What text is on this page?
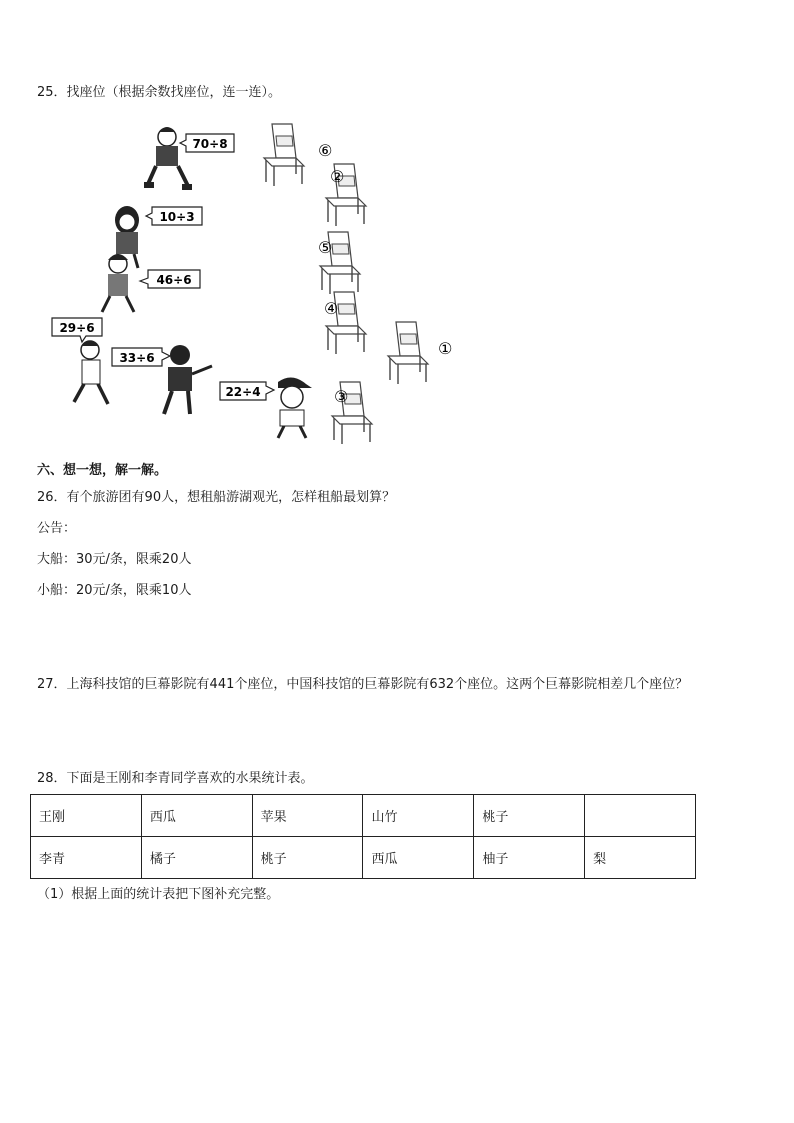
25．找座位（根据余数找座位，连一连）。
70÷8
10÷3
46÷6
29÷6
33÷6
22÷4
⑥
②
⑤
④
①
③
六、想一想，解一解。
26．有个旅游团有90人，想租船游湖观光，怎样租船最划算？
公告：
大船：30元/条，限乘20人
小船：20元/条，限乘10人
27．上海科技馆的巨幕影院有441个座位，中国科技馆的巨幕影院有632个座位。这两个巨幕影院相差几个座位？
28．下面是王刚和李青同学喜欢的水果统计表。
王刚	西瓜	苹果	山竹	桃子	
李青	橘子	桃子	西瓜	柚子	梨
（1）根据上面的统计表把下图补充完整。
